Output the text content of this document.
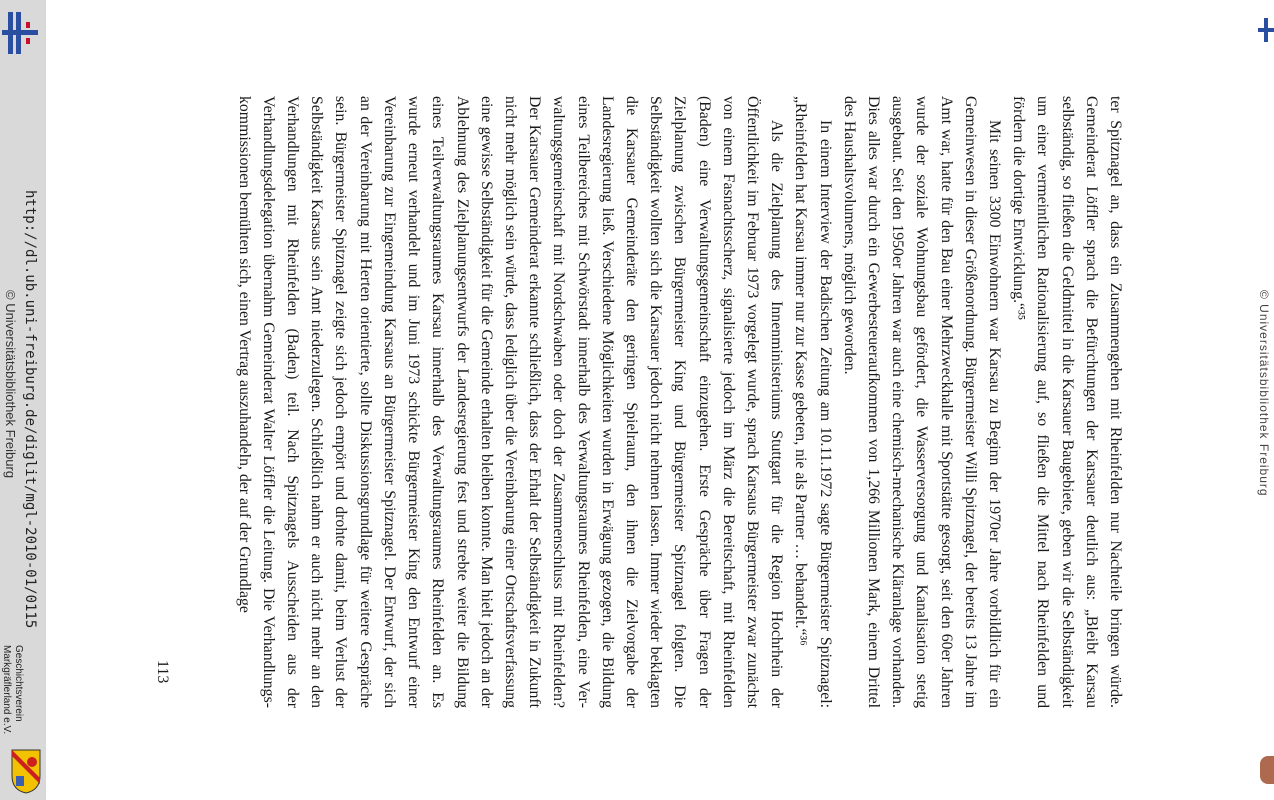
© Universitätsbibliothek Freiburg

ter Spitznagel an, dass ein Zusammengehen mit Rheinfelden nur Nachteile bringen würde. Gemeinderat Löffler sprach die Befürchtungen der Karsauer deutlich aus: „Bleibt Karsau selbständig, so fließen die Geldmittel in die Karsauer Baugebiete, geben wir die Selbständigkeit um einer vermeintlichen Rationalisierung auf, so fließen die Mittel nach Rheinfelden und fördern die dortige Entwicklung.“³⁵

Mit seinen 3300 Einwohnern war Karsau zu Beginn der 1970er Jahre vorbildlich für ein Gemeinwesen in dieser Größenordnung. Bürgermeister Willi Spitznagel, der bereits 13 Jahre im Amt war, hatte für den Bau einer Mehrzweckhalle mit Sportstätte gesorgt, seit den 60er Jahren wurde der soziale Wohnungsbau gefördert, die Wasserversorgung und Kanalisation stetig ausgebaut. Seit den 1950er Jahren war auch eine chemisch-mechanische Kläranlage vorhanden. Dies alles war durch ein Gewerbesteueraufkommen von 1,266 Millionen Mark, einem Drittel des Haushaltsvolumens, möglich geworden.

In einem Interview der Badischen Zeitung am 10.11.1972 sagte Bürgermeister Spitznagel: „Rheinfelden hat Karsau immer nur zur Kasse gebeten, nie als Partner … behandelt.“³⁶

Als die Zielplanung des Innenministeriums Stuttgart für die Region Hochrhein der Öffentlichkeit im Februar 1973 vorgelegt wurde, sprach Karsaus Bürgermeister zwar zunächst von einem Fasnachtsscherz, signalisierte jedoch im März die Bereitschaft, mit Rheinfelden (Baden) eine Verwaltungsgemeinschaft einzugehen. Erste Gespräche über Fragen der Zielplanung zwischen Bürgermeister King und Bürgermeister Spitznagel folgten. Die Selbständigkeit wollten sich die Karsauer jedoch nicht nehmen lassen. Immer wieder beklagten die Karsauer Gemeinderäte den geringen Spielraum, den ihnen die Zielvorgabe der Landesregierung ließ. Verschiedene Möglichkeiten wurden in Erwägung gezogen, die Bildung eines Teilbereiches mit Schwörstadt innerhalb des Verwaltungsraumes Rheinfelden, eine Verwaltungsgemeinschaft mit Nordschwaben oder doch der Zusammenschluss mit Rheinfelden? Der Karsauer Gemeinderat erkannte schließlich, dass der Erhalt der Selbständigkeit in Zukunft nicht mehr möglich sein würde, dass lediglich über die Vereinbarung einer Ortschaftsverfassung eine gewisse Selbständigkeit für die Gemeinde erhalten bleiben konnte. Man hielt jedoch an der Ablehnung des Zielplanungsentwurfs der Landesregierung fest und strebte weiter die Bildung eines Teilverwaltungsraumes Karsau innerhalb des Verwaltungsraumes Rheinfelden an. Es wurde erneut verhandelt und im Juni 1973 schickte Bürgermeister King den Entwurf einer Vereinbarung zur Eingemeindung Karsaus an Bürgermeister Spitznagel. Der Entwurf, der sich an der Vereinbarung mit Herten orientierte, sollte Diskussionsgrundlage für weitere Gespräche sein. Bürgermeister Spitznagel zeigte sich jedoch empört und drohte damit, beim Verlust der Selbständigkeit Karsaus sein Amt niederzulegen. Schließlich nahm er auch nicht mehr an den Verhandlungen mit Rheinfelden (Baden) teil. Nach Spitznagels Ausscheiden aus der Verhandlungsdelegation übernahm Gemeinderat Walter Löffler die Leitung. Die Verhandlungskommissionen bemühten sich, einen Vertrag auszuhandeln, der auf der Grundlage

113
http://dl.ub.uni-freiburg.de/diglit/mgl-2010-01/0115
© Universitätsbibliothek Freiburg
Geschichtsverein
Markgräflerland e.V.
